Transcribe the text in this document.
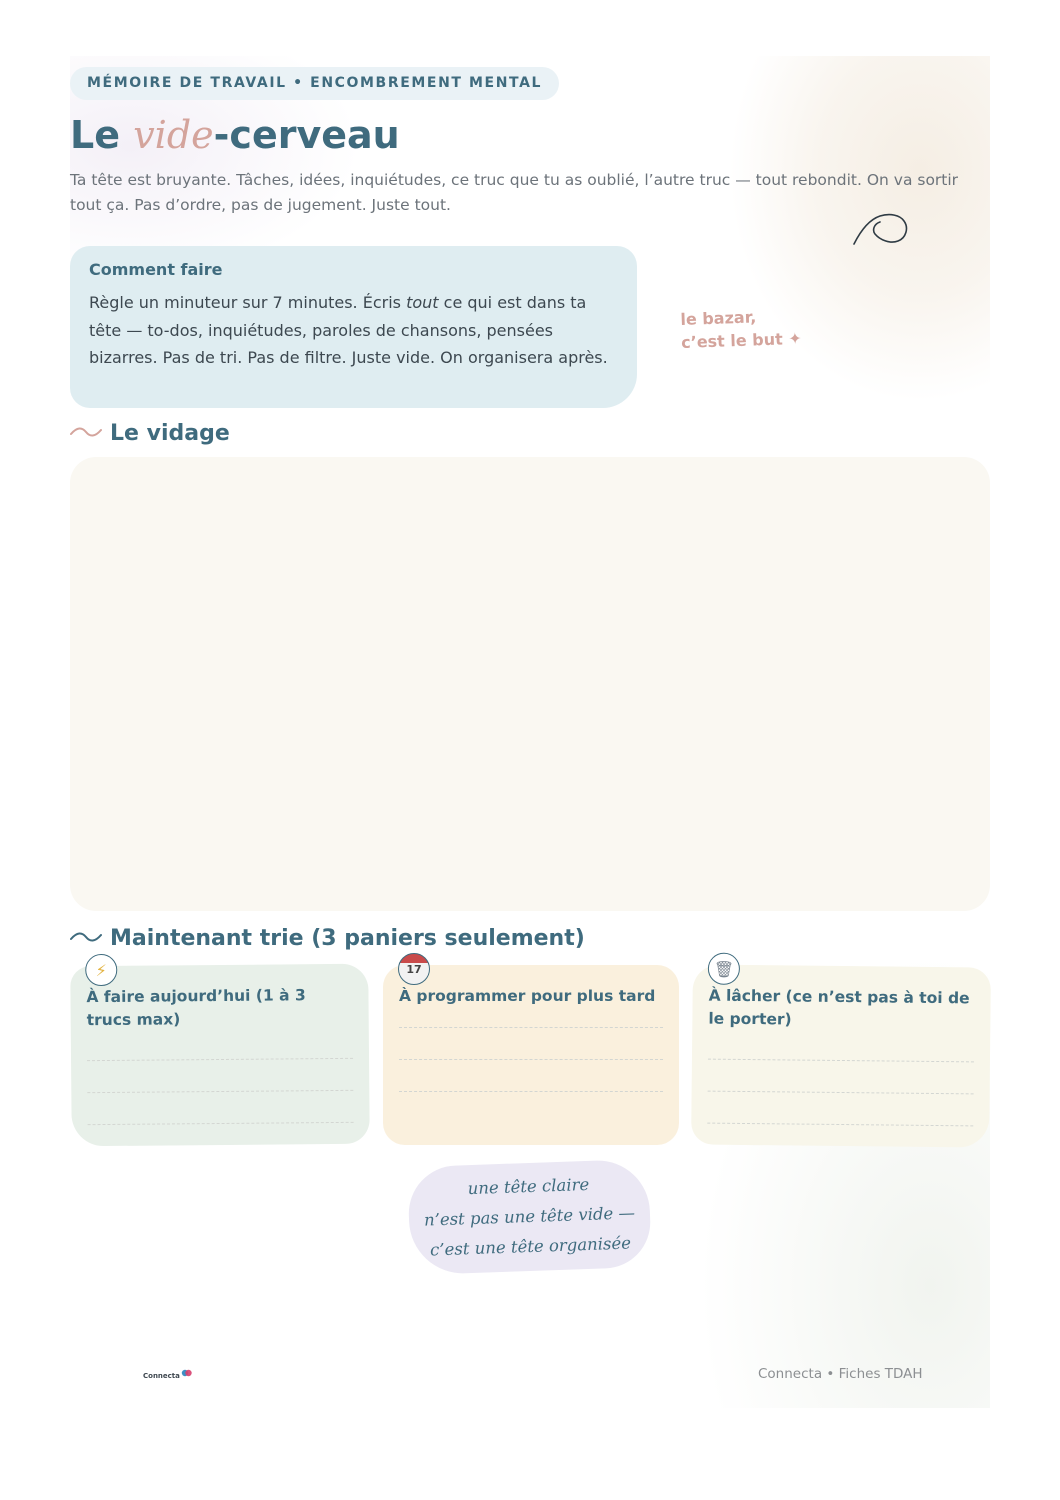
MÉMOIRE DE TRAVAIL • ENCOMBREMENT MENTAL
Le vide-cerveau

Ta tête est bruyante. Tâches, idées, inquiétudes, ce truc que tu as oublié, l’autre truc — tout rebondit. On va sortir tout ça. Pas d’ordre, pas de jugement. Juste tout.

Comment faire

Règle un minuteur sur 7 minutes. Écris tout ce qui est dans ta tête — to-dos, inquiétudes, paroles de chansons, pensées bizarres. Pas de tri. Pas de filtre. Juste vide. On organisera après.

le bazar,
c’est le but ✦

Le vidage
Maintenant trie (3 paniers seulement)
⚡

À faire aujourd’hui (1 à 3 trucs max)

17

À programmer pour plus tard

🗑

À lâcher (ce n’est pas à toi de le porter)

une tête claire
n’est pas une tête vide —
c’est une tête organisée

Connecta	Connecta • Fiches TDAH
